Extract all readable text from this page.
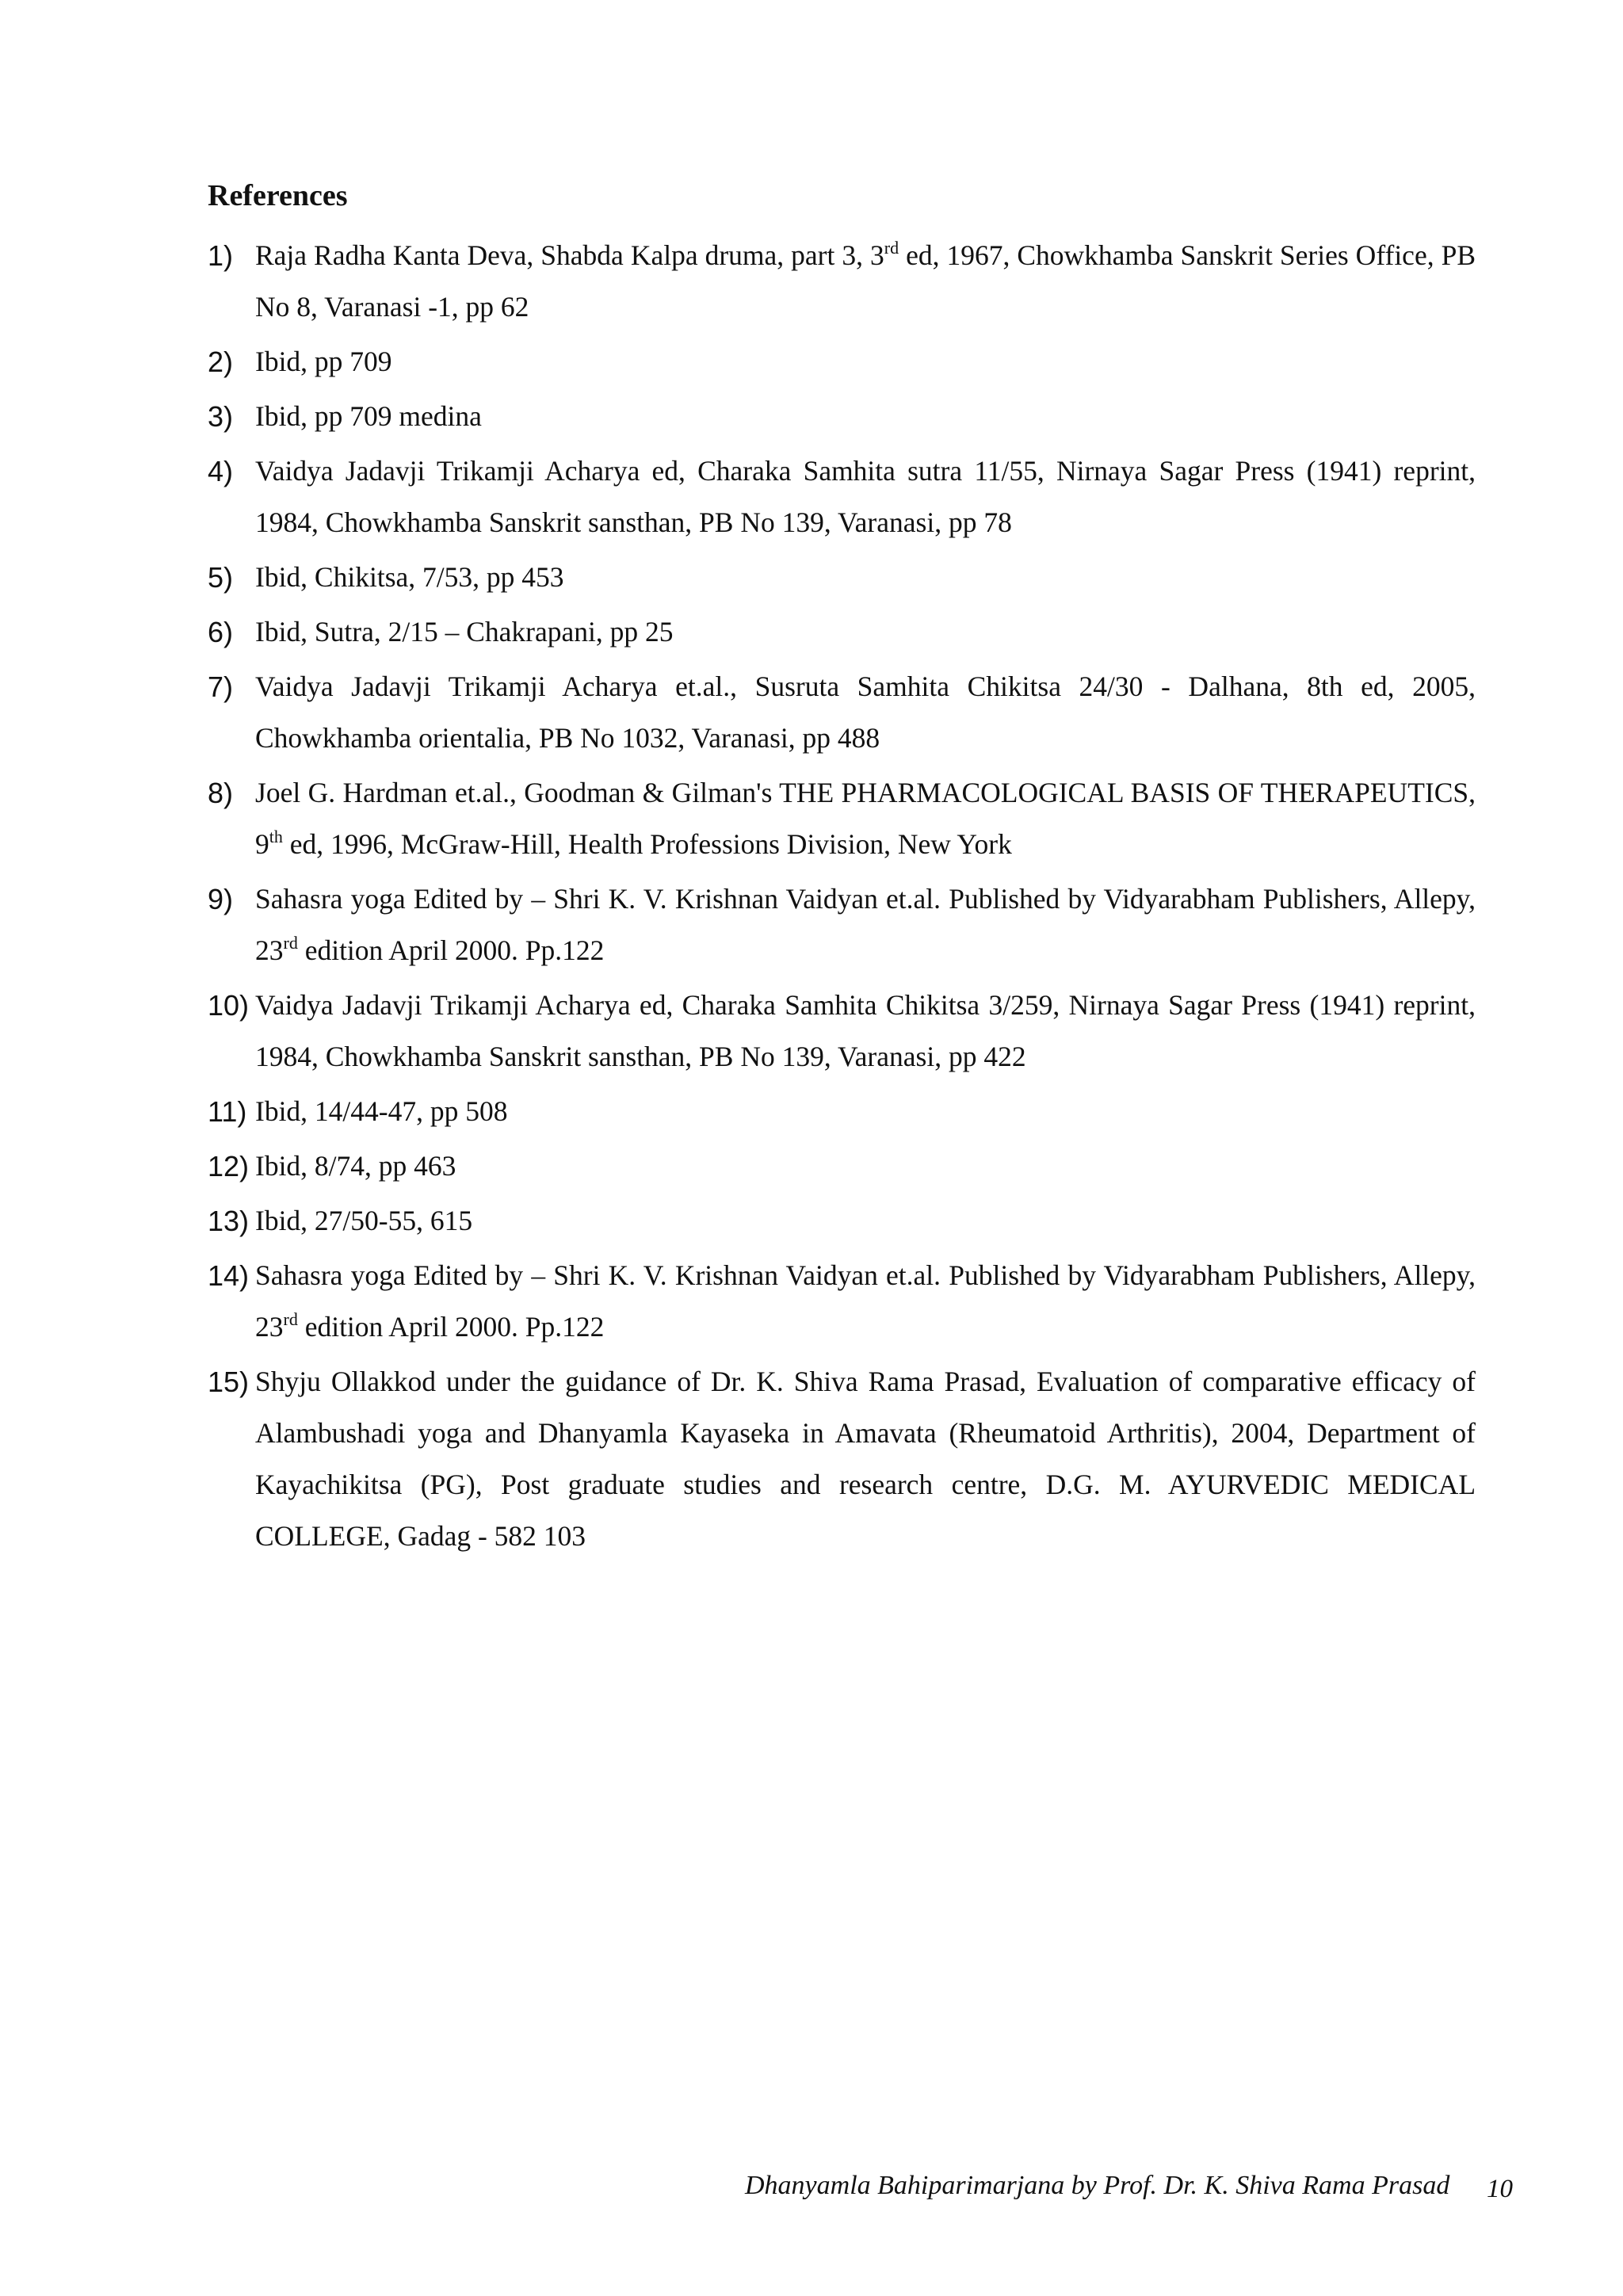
References
1) Raja Radha Kanta Deva, Shabda Kalpa druma, part 3, 3rd ed, 1967, Chowkhamba Sanskrit Series Office, PB No 8, Varanasi -1, pp 62
2) Ibid, pp 709
3) Ibid, pp 709 medina
4) Vaidya Jadavji Trikamji Acharya ed, Charaka Samhita sutra 11/55, Nirnaya Sagar Press (1941) reprint, 1984, Chowkhamba Sanskrit sansthan, PB No 139, Varanasi, pp 78
5) Ibid, Chikitsa, 7/53, pp 453
6) Ibid, Sutra, 2/15 – Chakrapani, pp 25
7) Vaidya Jadavji Trikamji Acharya et.al., Susruta Samhita Chikitsa 24/30 - Dalhana, 8th ed, 2005, Chowkhamba orientalia, PB No 1032, Varanasi, pp 488
8) Joel G. Hardman et.al., Goodman & Gilman's THE PHARMACOLOGICAL BASIS OF THERAPEUTICS, 9th ed, 1996, McGraw-Hill, Health Professions Division, New York
9) Sahasra yoga Edited by – Shri K. V. Krishnan Vaidyan et.al. Published by Vidyarabham Publishers, Allepy, 23rd edition April 2000. Pp.122
10) Vaidya Jadavji Trikamji Acharya ed, Charaka Samhita Chikitsa 3/259, Nirnaya Sagar Press (1941) reprint, 1984, Chowkhamba Sanskrit sansthan, PB No 139, Varanasi, pp 422
11) Ibid, 14/44-47, pp 508
12) Ibid, 8/74, pp 463
13) Ibid, 27/50-55, 615
14) Sahasra yoga Edited by – Shri K. V. Krishnan Vaidyan et.al. Published by Vidyarabham Publishers, Allepy, 23rd edition April 2000. Pp.122
15) Shyju Ollakkod under the guidance of Dr. K. Shiva Rama Prasad, Evaluation of comparative efficacy of Alambushadi yoga and Dhanyamla Kayaseka in Amavata (Rheumatoid Arthritis), 2004, Department of Kayachikitsa (PG), Post graduate studies and research centre, D.G. M. AYURVEDIC MEDICAL COLLEGE, Gadag - 582 103
Dhanyamla Bahiparimarjana by Prof. Dr. K. Shiva Rama Prasad	10
